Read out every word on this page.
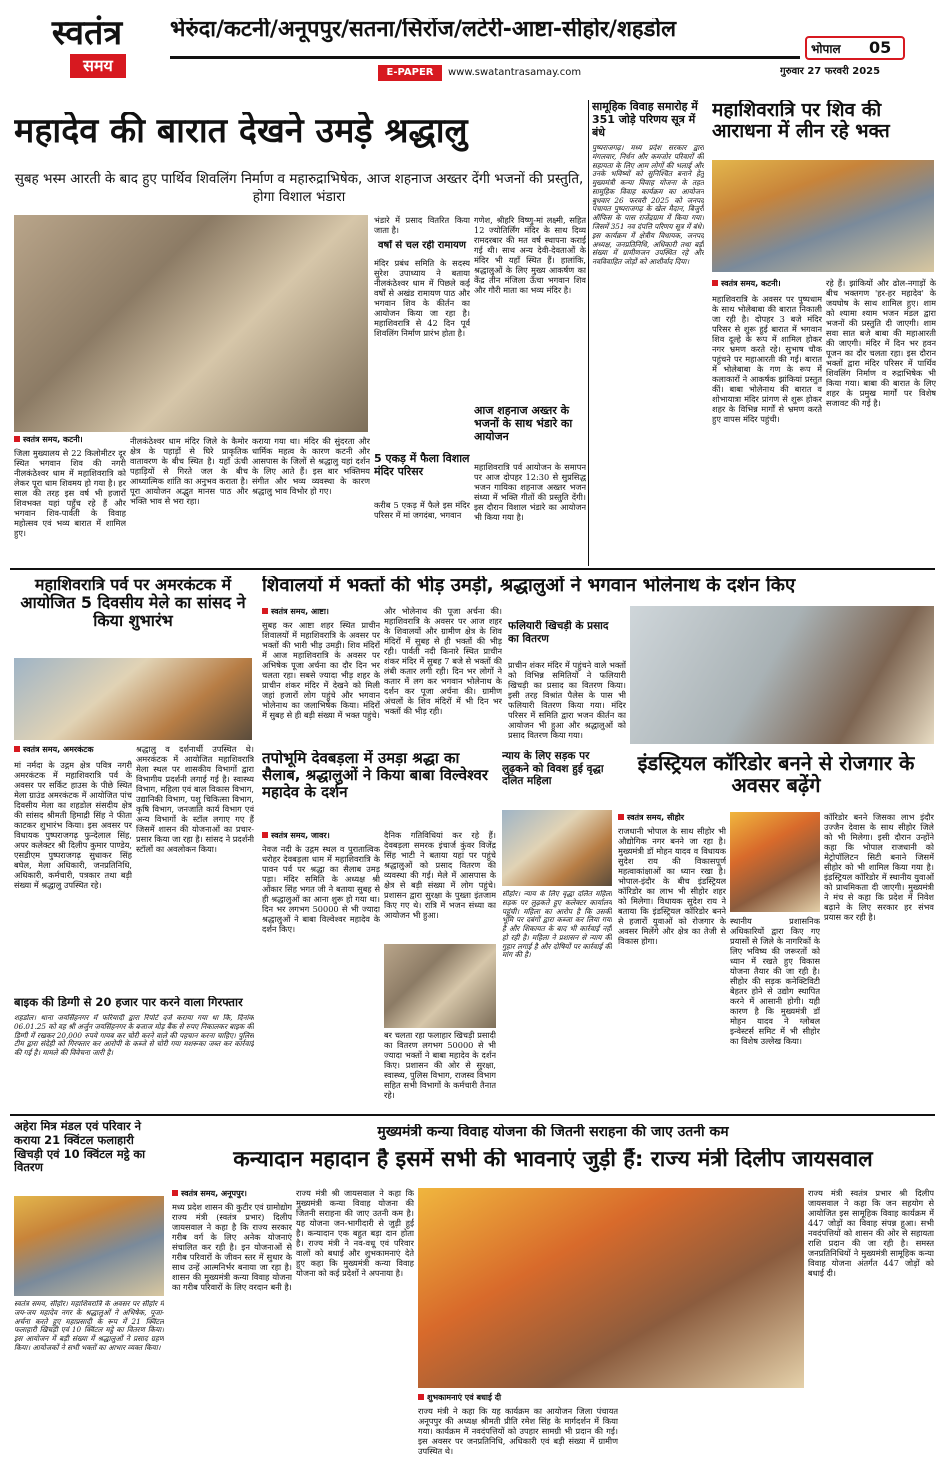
स्वतंत्र
समय
भेरुंदा/कटनी/अनूपपुर/सतना/सिरोंज/लटेरी-आष्टा-सीहोर/शहडोल
E-PAPER	www.swatantrasamay.com
भोपाल	05
गुरुवार 27 फरवरी 2025
महादेव की बारात देखने उमड़े श्रद्धालु
सुबह भस्म आरती के बाद हुए पार्थिव शिवलिंग निर्माण व महारुद्राभिषेक, आज शहनाज अख्तर देंगी भजनों की प्रस्तुति, होगा विशाल भंडारा
स्वतंत्र समय, कटनी।
जिला मुख्यालय से 22 किलोमीटर दूर स्थित भगवान शिव की नगरी नीलकंठेश्वर धाम में महाशिवरात्रि को लेकर पूरा धाम शिवमय हो गया है। हर साल की तरह इस वर्ष भी हजारों शिवभक्त यहां पहुँच रहे हैं और भगवान शिव-पार्वती के विवाह महोत्सव एवं भव्य बारात में शामिल हुए।
नीलकंठेश्वर धाम मंदिर जिले के कैमोर क्षेत्र के पहाड़ों से घिरे प्राकृतिक वातावरण के बीच स्थित है। यहाँ ऊंची पहाड़ियों से गिरते जल के बीच आध्यात्मिक शांति का अनुभव कराता है। पूरा आयोजन अद्भुत मानस पाठ और भक्ति भाव से भरा रहा।
कराया गया था। मंदिर की सुंदरता और धार्मिक महत्व के कारण कटनी और आसपास के जिलों से श्रद्धालु यहां दर्शन के लिए आते हैं। इस बार भक्तिमय संगीत और भव्य व्यवस्था के कारण श्रद्धालु भाव विभोर हो गए।
भंडारे में प्रसाद वितरित किया जाता है।
वर्षों से चल रही रामायण
मंदिर प्रबंध समिति के सदस्य सुरेश उपाध्याय ने बताया नीलकंठेश्वर धाम में पिछले कई वर्षों से अखंड रामायण पाठ और भगवान शिव के कीर्तन का आयोजन किया जा रहा है। महाशिवरात्रि से 42 दिन पूर्व शिवलिंग निर्माण प्रारंभ होता है।
5 एकड़ में फैला विशाल मंदिर परिसर
करीब 5 एकड़ में फैले इस मंदिर परिसर में मां जगदंबा, भगवान
गणेश, श्रीहरि विष्णु-मां लक्ष्मी, सहित 12 ज्योतिर्लिंग मंदिर के साथ दिव्य रामदरबार की मत वर्ष स्थापना कराई गई थी। साथ अन्य देवी-देवताओं के मंदिर भी यहाँ स्थित हैं। हालांकि, श्रद्धालुओं के लिए मुख्य आकर्षण का केंद्र तीन मंजिला ऊँचा भगवान शिव और गौरी माता का भव्य मंदिर है।
आज शहनाज अख्तर के भजनों के साथ भंडारे का आयोजन
महाशिवरात्रि पर्व आयोजन के समापन पर आज दोपहर 12:30 से सुप्रसिद्ध भजन गायिका शहनाज अख्तर भजन संध्या में भक्ति गीतों की प्रस्तुति देंगी। इस दौरान विशाल भंडारे का आयोजन भी किया गया है।
सामूहिक विवाह समारोह में 351 जोड़े परिणय सूत्र में बंधे
पुष्पराजगढ़। मध्य प्रदेश सरकार द्वारा मंगलवार, निर्धन और कमजोर परिवारों की सहायता के लिए आम लोगों की भलाई और उनके भविष्यों को सुनिश्चित बनाने हेतु मुख्यमंत्री कन्या विवाह योजना के तहत सामूहिक विवाह कार्यक्रम का आयोजन बुधवार 26 फरवरी 2025 को जनपद पंचायत पुष्पराजगढ़ के खेल मैदान, बिजुरी ऑफिस के पास राजेंद्रग्राम में किया गया। जिसमें 351 नव दंपत्ति परिणय सूत्र में बंधे। इस कार्यक्रम में क्षेत्रीय विधायक, जनपद अध्यक्ष, जनप्रतिनिधि, अधिकारी तथा बड़ी संख्या में ग्रामीणजन उपस्थित रहे और नवविवाहित जोड़ों को आशीर्वाद दिया।
महाशिवरात्रि पर शिव की आराधना में लीन रहे भक्त
स्वतंत्र समय, कटनी।
महाशिवरात्रि के अवसर पर पुष्पधाम के साथ भोलेबाबा की बारात निकाली जा रही है। दोपहर 3 बजे मंदिर परिसर से शुरू हुई बारात में भगवान शिव दूल्हे के रूप में शामिल होकर नगर भ्रमण करते रहे। सुभाष चौक पहुंचने पर महाआरती की गई। बारात में भोलेबाबा के गण के रूप में कलाकारों ने आकर्षक झांकियां प्रस्तुत कीं। बाबा भोलेनाथ की बारात व शोभायात्रा मंदिर प्रांगण से शुरू होकर शहर के विभिन्न मार्गों से भ्रमण करते हुए वापस मंदिर पहुंची।
रहे हैं। झांकियों और ढोल-नगाड़ों के बीच भक्तगण 'हर-हर महादेव' के जयघोष के साथ शामिल हुए। शाम को श्यामा श्याम भजन मंडल द्वारा भजनों की प्रस्तुति दी जाएगी। शाम सवा सात बजे बाबा की महाआरती की जाएगी। मंदिर में दिन भर हवन पूजन का दौर चलता रहा। इस दौरान भक्तों द्वारा मंदिर परिसर में पार्थिव शिवलिंग निर्माण व रुद्राभिषेक भी किया गया। बाबा की बारात के लिए शहर के प्रमुख मार्गों पर विशेष सजावट की गई है।
महाशिवरात्रि पर्व पर अमरकंटक में आयोजित 5 दिवसीय मेले का सांसद ने किया शुभारंभ
स्वतंत्र समय, अमरकंटक
मां नर्मदा के उद्गम क्षेत्र पवित्र नगरी अमरकंटक में महाशिवरात्रि पर्व के अवसर पर सर्किट हाउस के पीछे स्थित मेला ग्राउंड अमरकंटक में आयोजित पांच दिवसीय मेला का शहडोल संसदीय क्षेत्र की सांसद श्रीमती हिमाद्री सिंह ने फीता काटकर शुभारंभ किया। इस अवसर पर विधायक पुष्पराजगढ़ फुन्देलाल सिंह, अपर कलेक्टर श्री दिलीप कुमार पाण्डेय, एसडीएम पुष्पराजगढ़ सुधाकर सिंह बघेल, मेला अधिकारी, जनप्रतिनिधि, अधिकारी, कर्मचारी, पत्रकार तथा बड़ी संख्या में श्रद्धालु उपस्थित रहे।
श्रद्धालु व दर्शनार्थी उपस्थित थे। अमरकंटक में आयोजित महाशिवरात्रि मेला स्थल पर शासकीय विभागों द्वारा विभागीय प्रदर्शनी लगाई गई है। स्वास्थ्य विभाग, महिला एवं बाल विकास विभाग, उद्यानिकी विभाग, पशु चिकित्सा विभाग, कृषि विभाग, जनजाति कार्य विभाग एवं अन्य विभागों के स्टॉल लगाए गए हैं जिसमें शासन की योजनाओं का प्रचार-प्रसार किया जा रहा है। सांसद ने प्रदर्शनी स्टॉलों का अवलोकन किया।
बाइक की डिग्गी से 20 हजार पार करने वाला गिरफ्तार
शहडोल। थाना जयसिंहनगर में फरियादी द्वारा रिपोर्ट दर्ज कराया गया था कि, दिनांक 06.01.25 को वह श्री अर्जुन जयसिंहनगर के बजाज मोड़ बैंक से रुपए निकालकर बाइक की डिग्गी में रखकर 20,000 रुपये गायब कर चोरी करने वाले की पहचान करना चाहिए। पुलिस टीम द्वारा संदेही को गिरफ्तार कर आरोपी के कब्जे से चोरी गया मशरूका जब्त कर कार्रवाई की गई है। मामले की विवेचना जारी है।
शिवालयों में भक्तों की भीड़ उमड़ी, श्रद्धालुओं ने भगवान भोलेनाथ के दर्शन किए
स्वतंत्र समय, आष्टा।
सुबह कर आष्टा शहर स्थित प्राचीन शिवालयों में महाशिवरात्रि के अवसर पर भक्तों की भारी भीड़ उमड़ी। शिव मंदिरों में आज महाशिवरात्रि के अवसर पर अभिषेक पूजा अर्चना का दौर दिन भर चलता रहा। सबसे ज्यादा भीड़ शहर के प्राचीन शंकर मंदिर में देखने को मिली जहां हजारों लोग पहुंचे और भगवान भोलेनाथ का जलाभिषेक किया। मंदिरों में सुबह से ही बड़ी संख्या में भक्त पहुंचे।
और भोलेनाथ की पूजा अर्चना की। महाशिवरात्रि के अवसर पर आज शहर के शिवालयों और ग्रामीण क्षेत्र के शिव मंदिरों में सुबह से ही भक्तों की भीड़ रही। पार्वती नदी किनारे स्थित प्राचीन शंकर मंदिर में सुबह 7 बजे से भक्तों की लंबी कतार लगी रही। दिन भर लोगों ने कतार में लग कर भगवान भोलेनाथ के दर्शन कर पूजा अर्चना की। ग्रामीण अंचलों के शिव मंदिरों में भी दिन भर भक्तों की भीड़ रही।
फलियारी खिचड़ी के प्रसाद का वितरण
प्राचीन शंकर मंदिर में पहुंचने वाले भक्तों को विभिन्न समितियों ने फलियारी खिचड़ी का प्रसाद का वितरण किया। इसी तरह विश्रांत पैलेस के पास भी फलियारी वितरण किया गया। मंदिर परिसर में समिति द्वारा भजन कीर्तन का आयोजन भी हुआ और श्रद्धालुओं को प्रसाद वितरण किया गया।
तपोभूमि देवबड़ला में उमड़ा श्रद्धा का सैलाब, श्रद्धालुओं ने किया बाबा विल्वेश्वर महादेव के दर्शन
स्वतंत्र समय, जावर।
नेवज नदी के उद्गम स्थल व पुरातात्विक धरोहर देवबड़ला धाम में महाशिवरात्रि के पावन पर्व पर श्रद्धा का सैलाब उमड़ पड़ा। मंदिर समिति के अध्यक्ष श्री ओंकार सिंह भगत जी ने बताया सुबह से ही श्रद्धालुओं का आना शुरू हो गया था। दिन भर लगभग 50000 से भी ज्यादा श्रद्धालुओं ने बाबा विल्वेश्वर महादेव के दर्शन किए।
दैनिक गतिविधियां कर रहे हैं। देवबड़ला समरक इंचार्ज कुंवर विजेंद्र सिंह भाटी ने बताया यहां पर पहुंचे श्रद्धालुओं को प्रसाद वितरण की व्यवस्था की गई। मेले में आसपास के क्षेत्र से बड़ी संख्या में लोग पहुंचे। प्रशासन द्वारा सुरक्षा के पुख्ता इंतजाम किए गए थे। रात्रि में भजन संध्या का आयोजन भी हुआ।
बर चलता रहा फलाहार खिचड़ी प्रसादी का वितरण लगभग 50000 से भी ज्यादा भक्तों ने बाबा महादेव के दर्शन किए। प्रशासन की ओर से सुरक्षा, स्वास्थ्य, पुलिस विभाग, राजस्व विभाग सहित सभी विभागों के कर्मचारी तैनात रहे।
न्याय के लिए सड़क पर लुढ़कने को विवश हुई वृद्धा दलित महिला
सीहोर। न्याय के लिए वृद्धा दलित महिला सड़क पर लुढ़कते हुए कलेक्टर कार्यालय पहुंची। महिला का आरोप है कि उसकी भूमि पर दबंगों द्वारा कब्जा कर लिया गया है और शिकायत के बाद भी कार्रवाई नहीं हो रही है। महिला ने प्रशासन से न्याय की गुहार लगाई है और दोषियों पर कार्रवाई की मांग की है।
इंडस्ट्रियल कॉरिडोर बनने से रोजगार के अवसर बढ़ेंगे
स्वतंत्र समय, सीहोर
राजधानी भोपाल के साथ सीहोर भी औद्योगिक नगर बनने जा रहा है। मुख्यमंत्री डॉ मोहन यादव व विधायक सुदेश राय की विकासपूर्ण महत्वाकांक्षाओं का ध्यान रखा है। भोपाल-इंदौर के बीच इंडस्ट्रियल कॉरिडोर का लाभ भी सीहोर शहर को मिलेगा। विधायक सुदेश राय ने बताया कि इंडस्ट्रियल कॉरिडोर बनने से हजारों युवाओं को रोजगार के अवसर मिलेंगे और क्षेत्र का तेजी से विकास होगा।
स्थानीय प्रशासनिक अधिकारियों द्वारा किए गए प्रयासों से जिले के नागरिकों के लिए भविष्य की जरूरतों को ध्यान में रखते हुए विकास योजना तैयार की जा रही है। सीहोर की सड़क कनेक्टिविटी बेहतर होने से उद्योग स्थापित करने में आसानी होगी। यही कारण है कि मुख्यमंत्री डॉ मोहन यादव ने ग्लोबल इन्वेस्टर्स समिट में भी सीहोर का विशेष उल्लेख किया।
कॉरिडोर बनने जिसका लाभ इंदौर उज्जैन देवास के साथ सीहोर जिले को भी मिलेगा। इसी दौरान उन्होंने कहा कि भोपाल राजधानी को मेट्रोपॉलिटन सिटी बनाने जिसमें सीहोर को भी शामिल किया गया है। इंडस्ट्रियल कॉरिडोर में स्थानीय युवाओं को प्राथमिकता दी जाएगी। मुख्यमंत्री ने मंच से कहा कि प्रदेश में निवेश बढ़ाने के लिए सरकार हर संभव प्रयास कर रही है।
अहेरा मित्र मंडल एवं परिवार ने कराया 21 क्विंटल फलाहारी खिचड़ी एवं 10 क्विंटल मट्ठे का वितरण
स्वतंत्र समय, सीहोर। महाशिवरात्रि के अवसर पर सीहोर में जय-जय महादेव नगर के श्रद्धालुओं ने अभिषेक, पूजा-अर्चना करते हुए महाप्रसादी के रूप में 21 क्विंटल फलाहारी खिचड़ी एवं 10 क्विंटल मट्ठे का वितरण किया। इस आयोजन में बड़ी संख्या में श्रद्धालुओं ने प्रसाद ग्रहण किया। आयोजकों ने सभी भक्तों का आभार व्यक्त किया।
मुख्यमंत्री कन्या विवाह योजना की जितनी सराहना की जाए उतनी कम
कन्यादान महादान है इसमें सभी की भावनाएं जुड़ी हैं: राज्य मंत्री दिलीप जायसवाल
स्वतंत्र समय, अनूपपुर।
मध्य प्रदेश शासन की कुटीर एवं ग्रामोद्योग राज्य मंत्री (स्वतंत्र प्रभार) दिलीप जायसवाल ने कहा है कि राज्य सरकार गरीब वर्ग के लिए अनेक योजनाएं संचालित कर रही है। इन योजनाओं से गरीब परिवारों के जीवन स्तर में सुधार के साथ उन्हें आत्मनिर्भर बनाया जा रहा है। शासन की मुख्यमंत्री कन्या विवाह योजना का गरीब परिवारों के लिए वरदान बनी है।
राज्य मंत्री श्री जायसवाल ने कहा कि मुख्यमंत्री कन्या विवाह योजना की जितनी सराहना की जाए उतनी कम है। यह योजना जन-भागीदारी से जुड़ी हुई है। कन्यादान एक बहुत बड़ा दान होता है। राज्य मंत्री ने नव-वधू एवं परिवार वालों को बधाई और शुभकामनाएं देते हुए कहा कि मुख्यमंत्री कन्या विवाह योजना को कई प्रदेशों ने अपनाया है।
शुभकामनाएं एवं बधाई दी
राज्य मंत्री ने कहा कि यह कार्यक्रम का आयोजन जिला पंचायत अनूपपुर की अध्यक्ष श्रीमती प्रीति रमेश सिंह के मार्गदर्शन में किया गया। कार्यक्रम में नवदंपत्तियों को उपहार सामग्री भी प्रदान की गई। इस अवसर पर जनप्रतिनिधि, अधिकारी एवं बड़ी संख्या में ग्रामीण उपस्थित थे।
राज्य मंत्री स्वतंत्र प्रभार श्री दिलीप जायसवाल ने कहा कि जन सहयोग से आयोजित इस सामूहिक विवाह कार्यक्रम में 447 जोड़ों का विवाह संपन्न हुआ। सभी नवदंपत्तियों को शासन की ओर से सहायता राशि प्रदान की जा रही है। समस्त जनप्रतिनिधियों ने मुख्यमंत्री सामूहिक कन्या विवाह योजना अंतर्गत 447 जोड़ों को बधाई दी।
